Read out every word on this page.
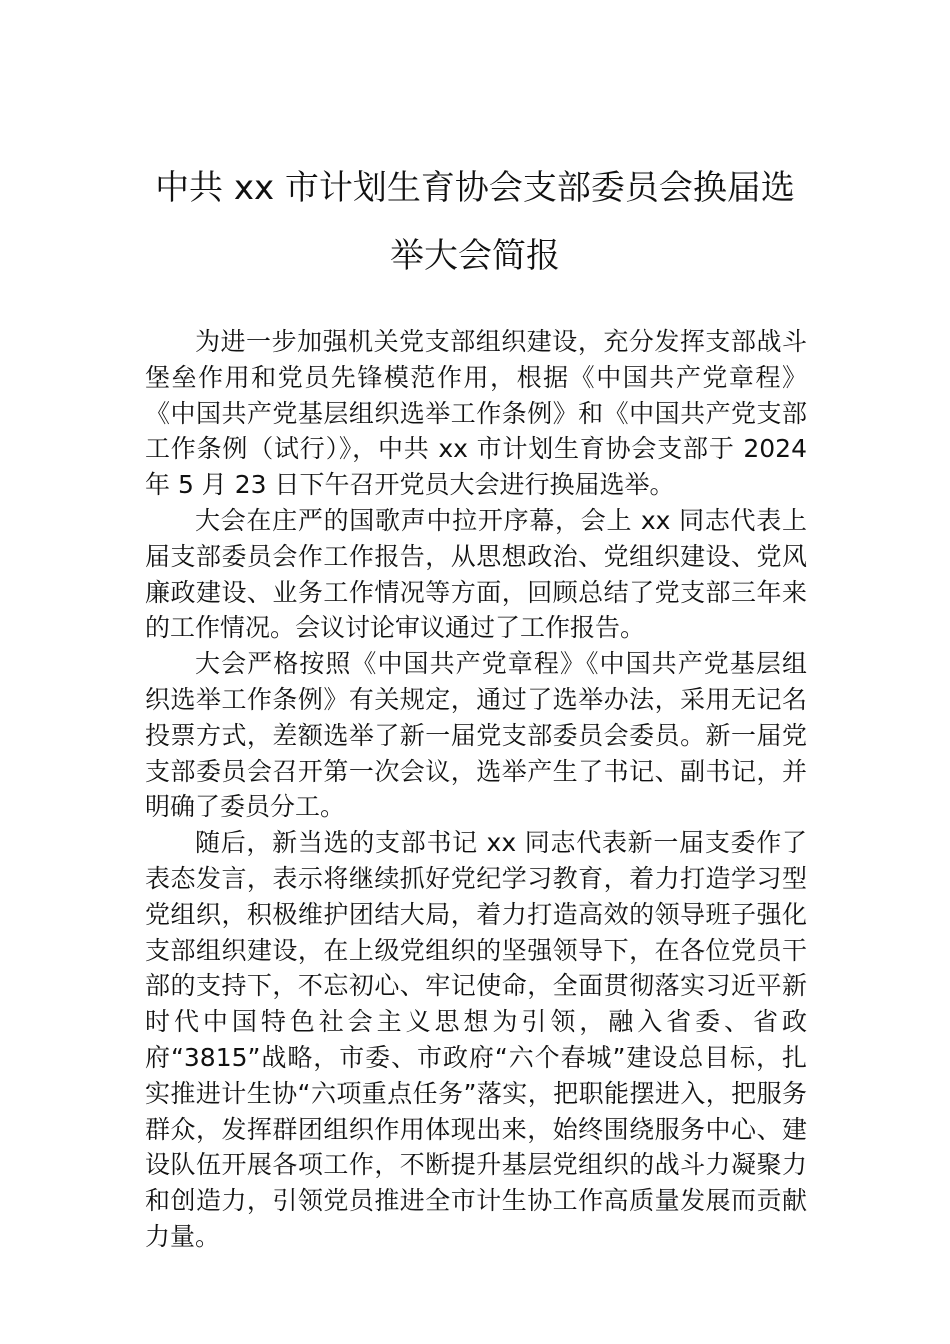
中共 xx 市计划生育协会支部委员会换届选
举大会简报

为进一步加强机关党支部组织建设，充分发挥支部战斗堡垒作用和党员先锋模范作用，根据《中国共产党章程》《中国共产党基层组织选举工作条例》和《中国共产党支部工作条例（试行）》，中共 xx 市计划生育协会支部于 2024 年 5 月 23 日下午召开党员大会进行换届选举。

大会在庄严的国歌声中拉开序幕，会上 xx 同志代表上届支部委员会作工作报告，从思想政治、党组织建设、党风廉政建设、业务工作情况等方面，回顾总结了党支部三年来的工作情况。会议讨论审议通过了工作报告。

大会严格按照《中国共产党章程》《中国共产党基层组织选举工作条例》有关规定，通过了选举办法，采用无记名投票方式，差额选举了新一届党支部委员会委员。新一届党支部委员会召开第一次会议，选举产生了书记、副书记，并明确了委员分工。

随后，新当选的支部书记 xx 同志代表新一届支委作了表态发言，表示将继续抓好党纪学习教育，着力打造学习型党组织，积极维护团结大局，着力打造高效的领导班子强化支部组织建设，在上级党组织的坚强领导下，在各位党员干部的支持下，不忘初心、牢记使命，全面贯彻落实习近平新时代中国特色社会主义思想为引领，融入省委、省政府“3815”战略，市委、市政府“六个春城”建设总目标，扎实推进计生协“六项重点任务”落实，把职能摆进入，把服务群众，发挥群团组织作用体现出来，始终围绕服务中心、建设队伍开展各项工作，不断提升基层党组织的战斗力凝聚力和创造力，引领党员推进全市计生协工作高质量发展而贡献力量。
